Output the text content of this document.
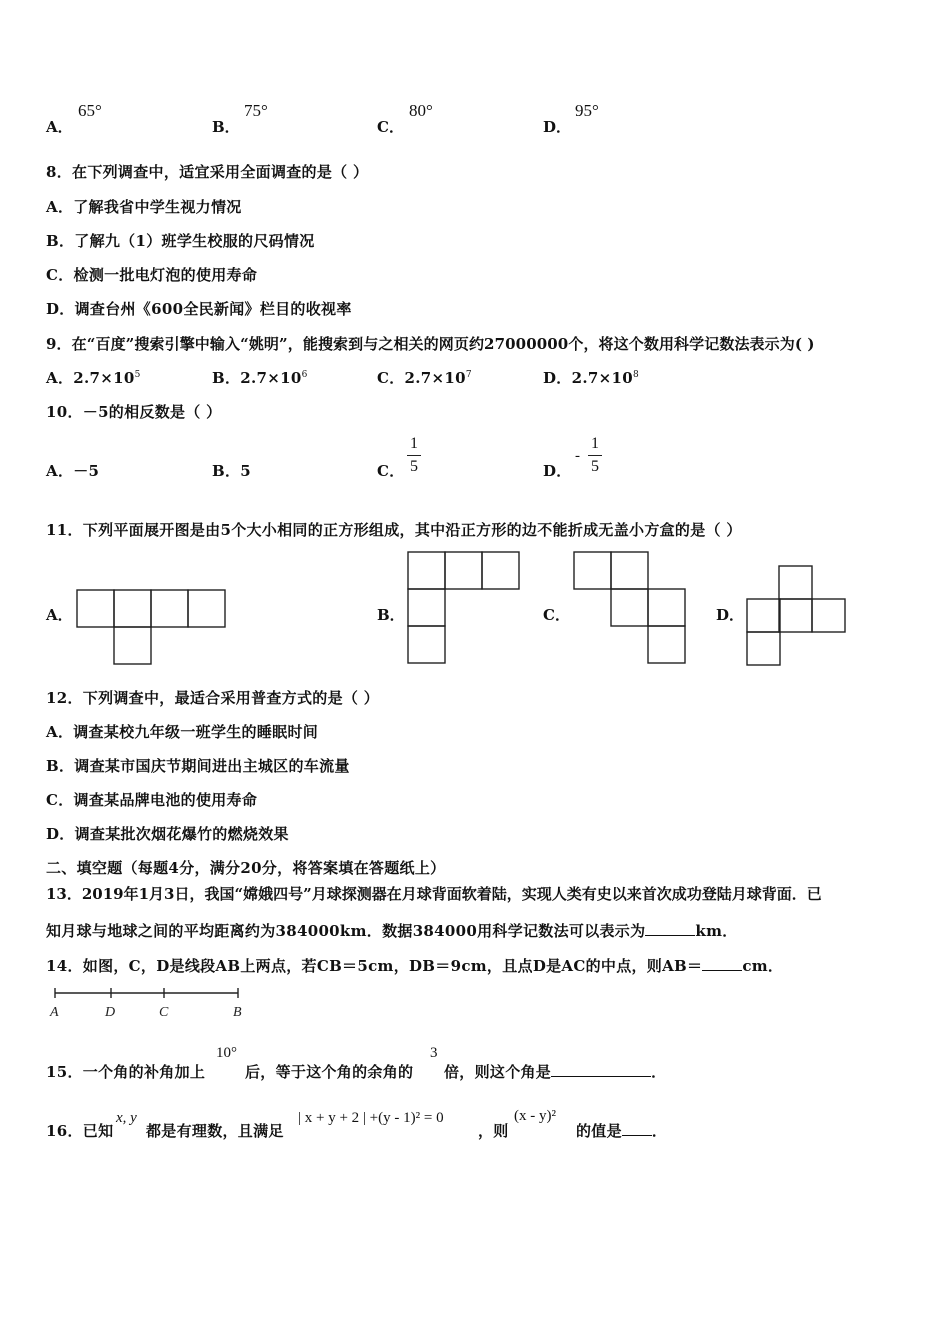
A．
65°
B．
75°
C．
80°
D．
95°
8．在下列调查中，适宜采用全面调查的是（ ）
A．了解我省中学生视力情况
B．了解九（1）班学生校服的尺码情况
C．检测一批电灯泡的使用寿命
D．调查台州《600全民新闻》栏目的收视率
9．在“百度”搜索引擎中输入“姚明”，能搜索到与之相关的网页约27000000个，将这个数用科学记数法表示为( )
A．$2.7\times 10^5$	B．$2.7\times 10^6$	C．$2.7\times 10^7$	D．$2.7\times 10^8$
10．－5的相反数是（ ）
A．－5	B．5	C．
1
5	D．
-
1
5
11．下列平面展开图是由5个大小相同的正方形组成，其中沿正方形的边不能折成无盖小方盒的是（ ）
A．	B．	C．	D．
12．下列调查中，最适合采用普查方式的是（ ）
A．调查某校九年级一班学生的睡眠时间
B．调查某市国庆节期间进出主城区的车流量
C．调查某品牌电池的使用寿命
D．调查某批次烟花爆竹的燃烧效果
二、填空题（每题4分，满分20分，将答案填在答题纸上）
13．2019年1月3日，我国“嫦娥四号”月球探测器在月球背面软着陆，实现人类有史以来首次成功登陆月球背面．已
知月球与地球之间的平均距离约为384000km．数据384000用科学记数法可以表示为	km．
14．如图，C，D是线段AB上两点，若CB＝5cm，DB＝9cm，且点D是AC的中点，则AB＝	cm．
A	D	C	B
15．一个角的补角加上
10°
后，等于这个角的余角的
3
倍，则这个角是	．
16．已知
x, y
都是有理数，且满足
| x + y + 2 | +(y - 1)² = 0
，则
(x - y)²
的值是 ．
